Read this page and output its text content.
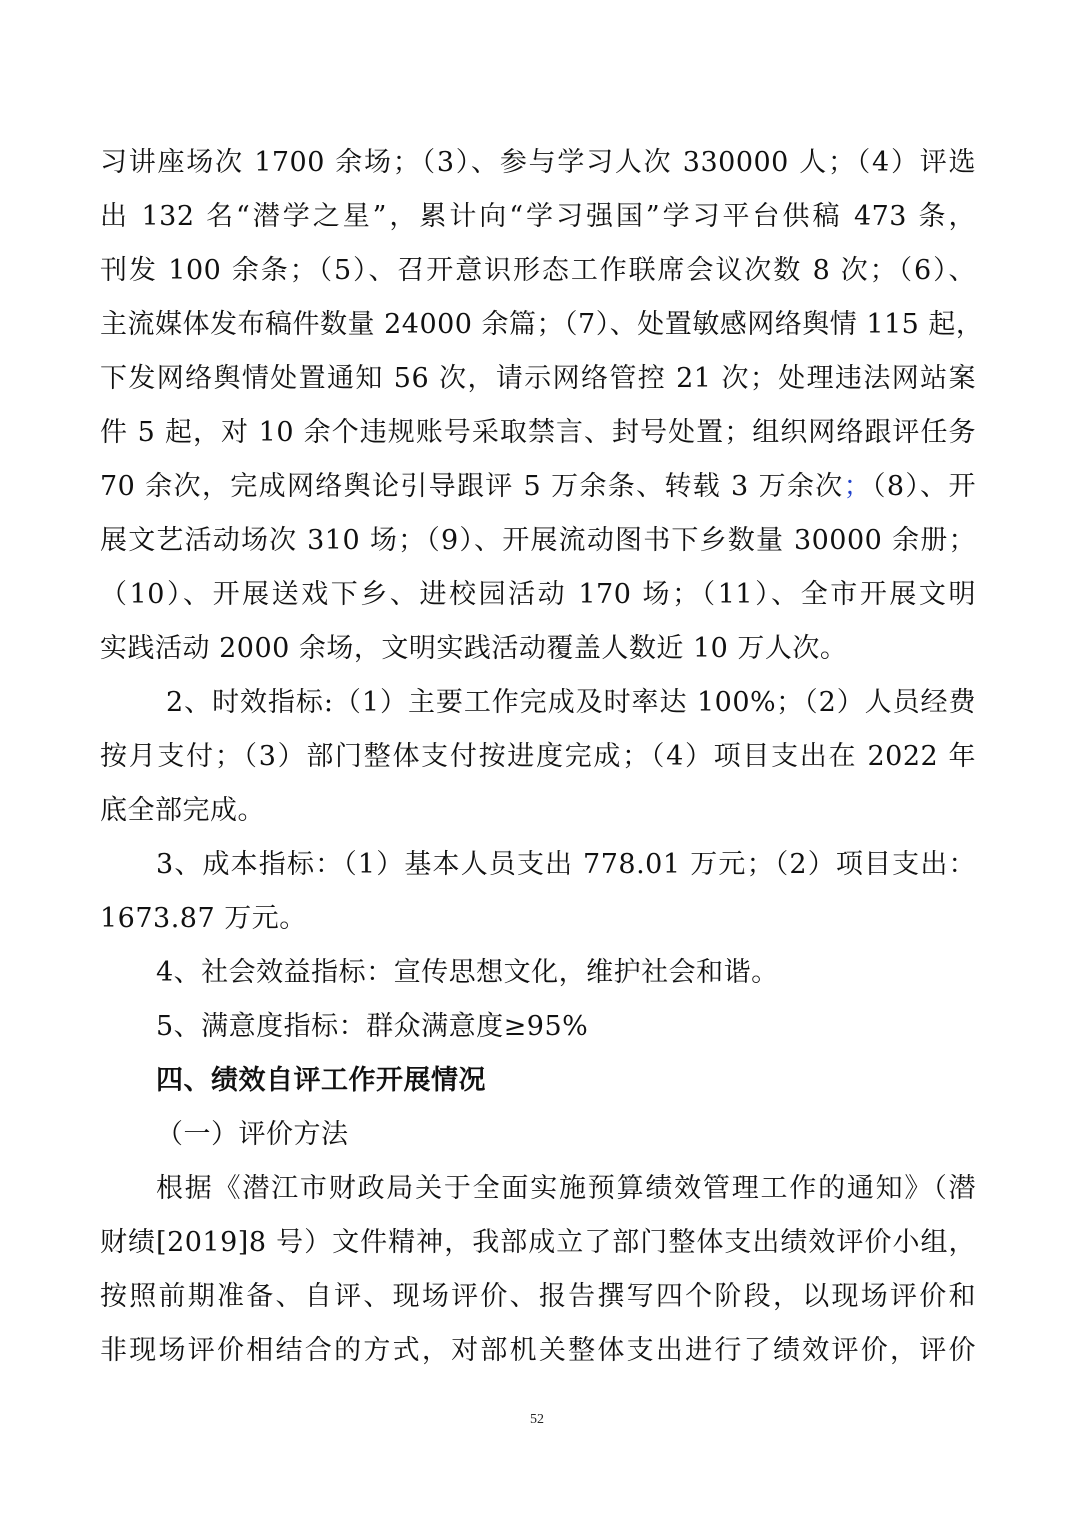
习讲座场次 1700 余场；（3）、参与学习人次 330000 人；（4）评选
出 132 名“潜学之星”，累计向“学习强国”学习平台供稿 473 条，
刊发 100 余条；（5）、召开意识形态工作联席会议次数 8 次；（6）、
主流媒体发布稿件数量 24000 余篇；（7）、处置敏感网络舆情 115 起，
下发网络舆情处置通知 56 次，请示网络管控 21 次；处理违法网站案
件 5 起，对 10 余个违规账号采取禁言、封号处置；组织网络跟评任务
70 余次，完成网络舆论引导跟评 5 万余条、转载 3 万余次；（8）、开
展文艺活动场次 310 场；（9）、开展流动图书下乡数量 30000 余册；
（10）、开展送戏下乡、进校园活动 170 场；（11）、全市开展文明
实践活动 2000 余场，文明实践活动覆盖人数近 10 万人次。
2、时效指标:（1）主要工作完成及时率达 100%；（2）人员经费
按月支付；（3）部门整体支付按进度完成；（4）项目支出在 2022 年
底全部完成。
3、成本指标：（1）基本人员支出 778.01 万元；（2）项目支出：
1673.87 万元。
4、社会效益指标：宣传思想文化，维护社会和谐。
5、满意度指标：群众满意度≥95%
四、绩效自评工作开展情况
（一）评价方法
根据《潜江市财政局关于全面实施预算绩效管理工作的通知》（潜
财绩[2019]8 号）文件精神，我部成立了部门整体支出绩效评价小组，
按照前期准备、自评、现场评价、报告撰写四个阶段，以现场评价和
非现场评价相结合的方式，对部机关整体支出进行了绩效评价，评价
52
